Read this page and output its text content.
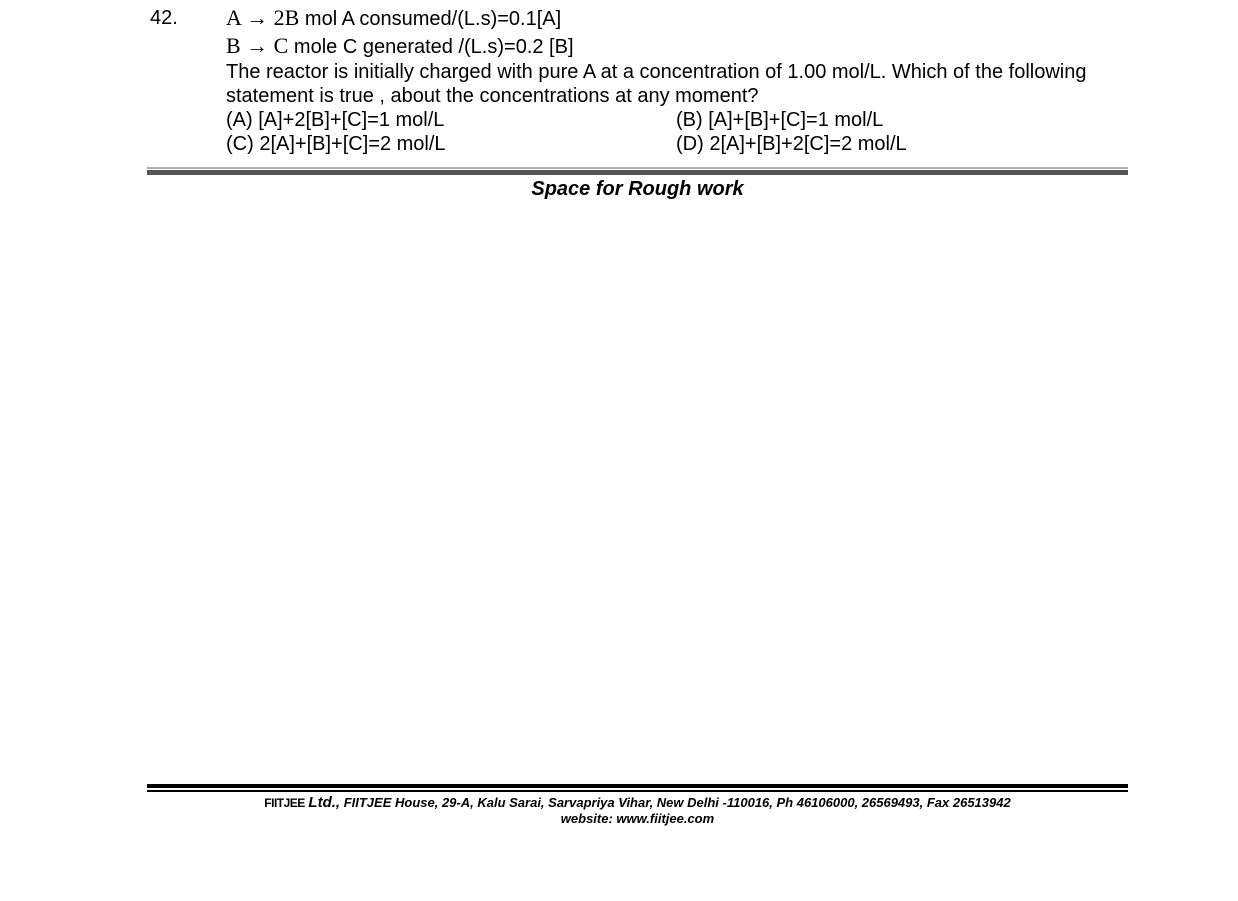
42. A → 2B mol A consumed/(L.s)=0.1[A]
B → C mole C generated /(L.s)=0.2 [B]
The reactor is initially charged with pure A at a concentration of 1.00 mol/L. Which of the following
statement is true , about the concentrations at any moment?
(A) [A]+2[B]+[C]=1 mol/L	(B) [A]+[B]+[C]=1 mol/L
(C) 2[A]+[B]+[C]=2 mol/L	(D) 2[A]+[B]+2[C]=2 mol/L
Space for Rough work
FIITJEE Ltd., FIITJEE House, 29-A, Kalu Sarai, Sarvapriya Vihar, New Delhi -110016, Ph 46106000, 26569493, Fax 26513942
website: www.fiitjee.com
